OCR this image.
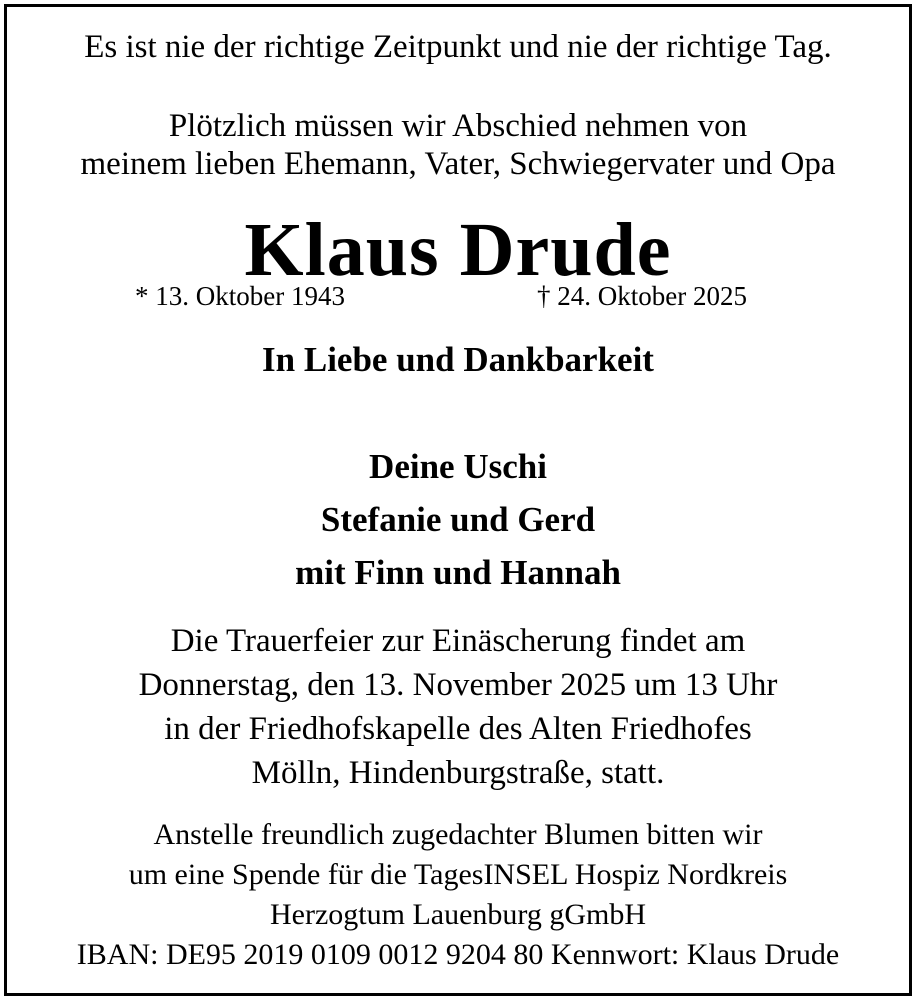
Es ist nie der richtige Zeitpunkt und nie der richtige Tag.
Plötzlich müssen wir Abschied nehmen von
meinem lieben Ehemann, Vater, Schwiegervater und Opa
Klaus Drude
* 13. Oktober 1943	† 24. Oktober 2025
In Liebe und Dankbarkeit
Deine Uschi
Stefanie und Gerd
mit Finn und Hannah
Die Trauerfeier zur Einäscherung findet am
Donnerstag, den 13. November 2025 um 13 Uhr
in der Friedhofskapelle des Alten Friedhofes
Mölln, Hindenburgstraße, statt.
Anstelle freundlich zugedachter Blumen bitten wir
um eine Spende für die TagesINSEL Hospiz Nordkreis
Herzogtum Lauenburg gGmbH
IBAN: DE95 2019 0109 0012 9204 80 Kennwort: Klaus Drude
